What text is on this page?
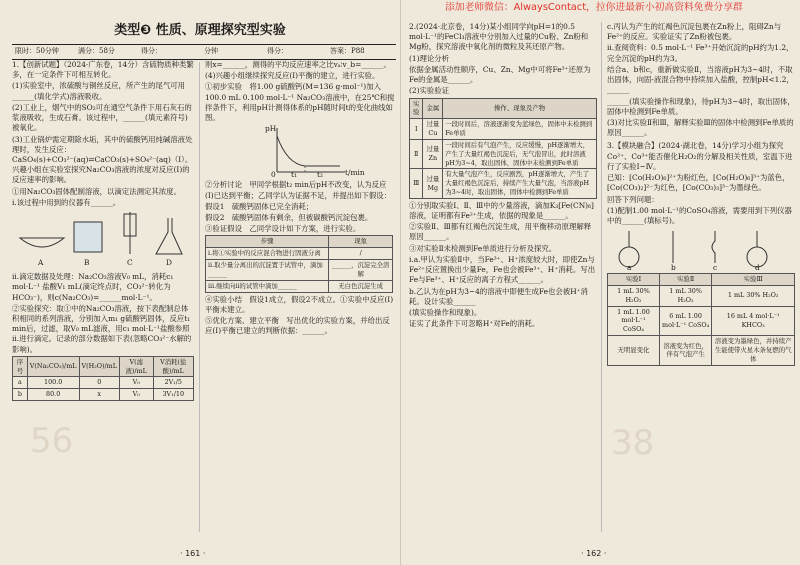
添加老师微信：AlwaysContact，拉你进最新小初高资料免费分享群
56
类型❸ 性质、原理探究型实验
限时：50分钟	满分：58分	得分：	分钟	得分：	答案：P88

1.【创新试题】（2024·广东卷，14分）含硫物质种类繁多，在一定条件下可相互转化。

(1)实验室中，浓硫酸与铜丝反应，所产生的尾气可用______(填化学式)溶液吸收。

(2)工业上，烟气中的SO₂可在通空气条件下用石灰石的浆液吸收，生成石膏。该过程中，______(填元素符号)被氧化。

(3)工业锅炉需定期除水垢，其中的硫酸钙用纯碱溶液处理时，发生反应：CaSO₄(s)+CO₃²⁻(aq)⇌CaCO₃(s)+SO₄²⁻(aq)（Ⅰ）。兴趣小组在实验室探究Na₂CO₃溶液的浓度对反应(Ⅰ)的反应速率的影响。

①用Na₂CO₃固体配制溶液，以滴定法测定其浓度。

ⅰ.该过程中用到的仪器有______。

A	B	C	D

ⅱ.滴定数据及处理：Na₂CO₃溶液V₀ mL，消耗c₁ mol·L⁻¹ 盐酸V₁ mL(滴定终点时，CO₃²⁻转化为HCO₃⁻)，则c(Na₂CO₃)=______mol·L⁻¹。

②实验探究：取①中的Na₂CO₃溶液，按下表配制总体积相同的系列溶液，分别加入m₁ g硫酸钙固体，反应t₁ min后，过滤，取V₀ mL滤液，用c₁ mol·L⁻¹盐酸参照ⅱ.进行滴定。记录的部分数据如下表(忽略CO₃²⁻水解的影响)。

序号	V(Na₂CO₃)/mL	V(H₂O)/mL	V(滤液)/mL	V消耗(盐酸)/mL
a	100.0	0	V₀	2V₁/5
b	80.0	x	V₀	3V₁/10

则x=______，测得的平均反应速率之比vₐ∶v_b=______。

(4)兴趣小组继续探究反应(Ⅰ)平衡的建立，进行实验。

①初步实验　将1.00 g硫酸钙(M=136 g·mol⁻¹)加入100.0 mL 0.100 mol·L⁻¹ Na₂CO₃溶液中，在25℃和搅拌条件下，利用pH计测得体系的pH随时间t的变化曲线如图。

pH
t/min
0 t₁	t₂

②分析讨论　甲同学根据t₂ min后pH不改变，认为反应(Ⅰ)已达到平衡；乙同学认为证据不足，并提出如下假设：

假设1　硫酸钙固体已完全消耗；

假设2　硫酸钙固体有剩余，但被碳酸钙沉淀包裹。

③验证假设　乙同学设计如下方案，进行实验。

步骤	现象
ⅰ.将①实验中的反应混合物进行固液分离	/
ⅱ.取少量分离出的沉淀置于试管中，滴加______	______，沉淀完全溶解
ⅲ.继续向ⅱ的试管中滴加______	无白色沉淀生成

④实验小结　假设1成立，假设2不成立。①实验中反应(Ⅰ)平衡未建立。

⑤优化方案、建立平衡　写出优化的实验方案，并给出反应(Ⅰ)平衡已建立的判断依据：______。

· 161 ·
38

2.(2024·北京卷，14分)某小组同学向pH=1的0.5 mol·L⁻¹的FeCl₃溶液中分别加入过量的Cu粉、Zn粉和Mg粉，探究溶液中氧化剂的微粒及其还原产物。

(1)理论分析

依据金属活动性顺序，Cu、Zn、Mg中可将Fe³⁺还原为Fe的金属是______。

(2)实验验证

实验	金属	操作、现象及产物
Ⅰ	过量Cu	一段时间后，溶液逐渐变为蓝绿色，固体中未检测到Fe单质
Ⅱ	过量Zn	一段时间后有气泡产生，反应缓慢，pH逐渐增大，产生了大量红褐色沉淀后，无气泡冒出，此时溶液pH为3~4，取出固体，固体中未检测到Fe单质
Ⅲ	过量Mg	有大量气泡产生，反应剧烈，pH逐渐增大，产生了大量红褐色沉淀后，持续产生大量气泡，当溶液pH为3~4时，取出固体，固体中检测到Fe单质

①分别取实验Ⅰ、Ⅱ、Ⅲ中的少量溶液，滴加K₃[Fe(CN)₆]溶液，证明都有Fe²⁺生成，依据的现象是______。

②实验Ⅱ、Ⅲ都有红褐色沉淀生成，用平衡移动原理解释原因______。

③对实验Ⅱ未检测到Fe单质进行分析及探究。

ⅰ.a.甲认为实验Ⅱ中，当Fe³⁺、H⁺浓度较大时，即使Zn与Fe²⁺反应置换出少量Fe，Fe也会被Fe³⁺、H⁺消耗。写出Fe与Fe³⁺、H⁺反应的离子方程式______。

b.乙认为在pH为3~4的溶液中即便生成Fe也会被H⁺消耗。设计实验______

(填实验操作和现象)。

证实了此条件下可忽略H⁺对Fe的消耗。

c.丙认为产生的红褐色沉淀包裹在Zn粉上，阻碍Zn与Fe²⁺的反应。实验证实了Zn粉被包裹。

ⅱ.查阅资料：0.5 mol·L⁻¹ Fe³⁺开始沉淀的pH约为1.2，完全沉淀的pH约为3。

结合a、b和c，重新做实验Ⅱ，当溶液pH为3~4时，不取出固体，向固-液混合物中持续加入盐酸，控制pH<1.2，______

______(填实验操作和现象)，待pH为3~4时，取出固体，固体中检测到Fe单质。

(3)对比实验Ⅱ和Ⅲ，解释实验Ⅲ的固体中检测到Fe单质的原因______。

3.【模块融合】(2024·湖北卷，14分)学习小组为探究Co²⁺、Co³⁺能否催化H₂O₂的分解及相关性质，室温下进行了实验Ⅰ~Ⅳ。

已知：[Co(H₂O)₆]²⁺为粉红色，[Co(H₂O)₆]³⁺为蓝色，[Co(CO₃)₂]²⁻为红色，[Co(CO₃)₃]³⁻为墨绿色。

回答下列问题：

(1)配制1.00 mol·L⁻¹的CoSO₄溶液，需要用到下列仪器中的______(填标号)。

a	b	c	d
实验Ⅰ	实验Ⅱ	实验Ⅲ
1 mL 30% H₂O₂	1 mL 30% H₂O₂	1 mL 30% H₂O₂
1 mL 1.00 mol·L⁻¹ CoSO₄	6 mL 1.00 mol·L⁻¹ CoSO₄	16 mL 4 mol·L⁻¹ KHCO₃
无明显变化	溶液变为红色，伴有气泡产生	溶液变为墨绿色，并持续产生能使带火星木条复燃的气体
· 162 ·
